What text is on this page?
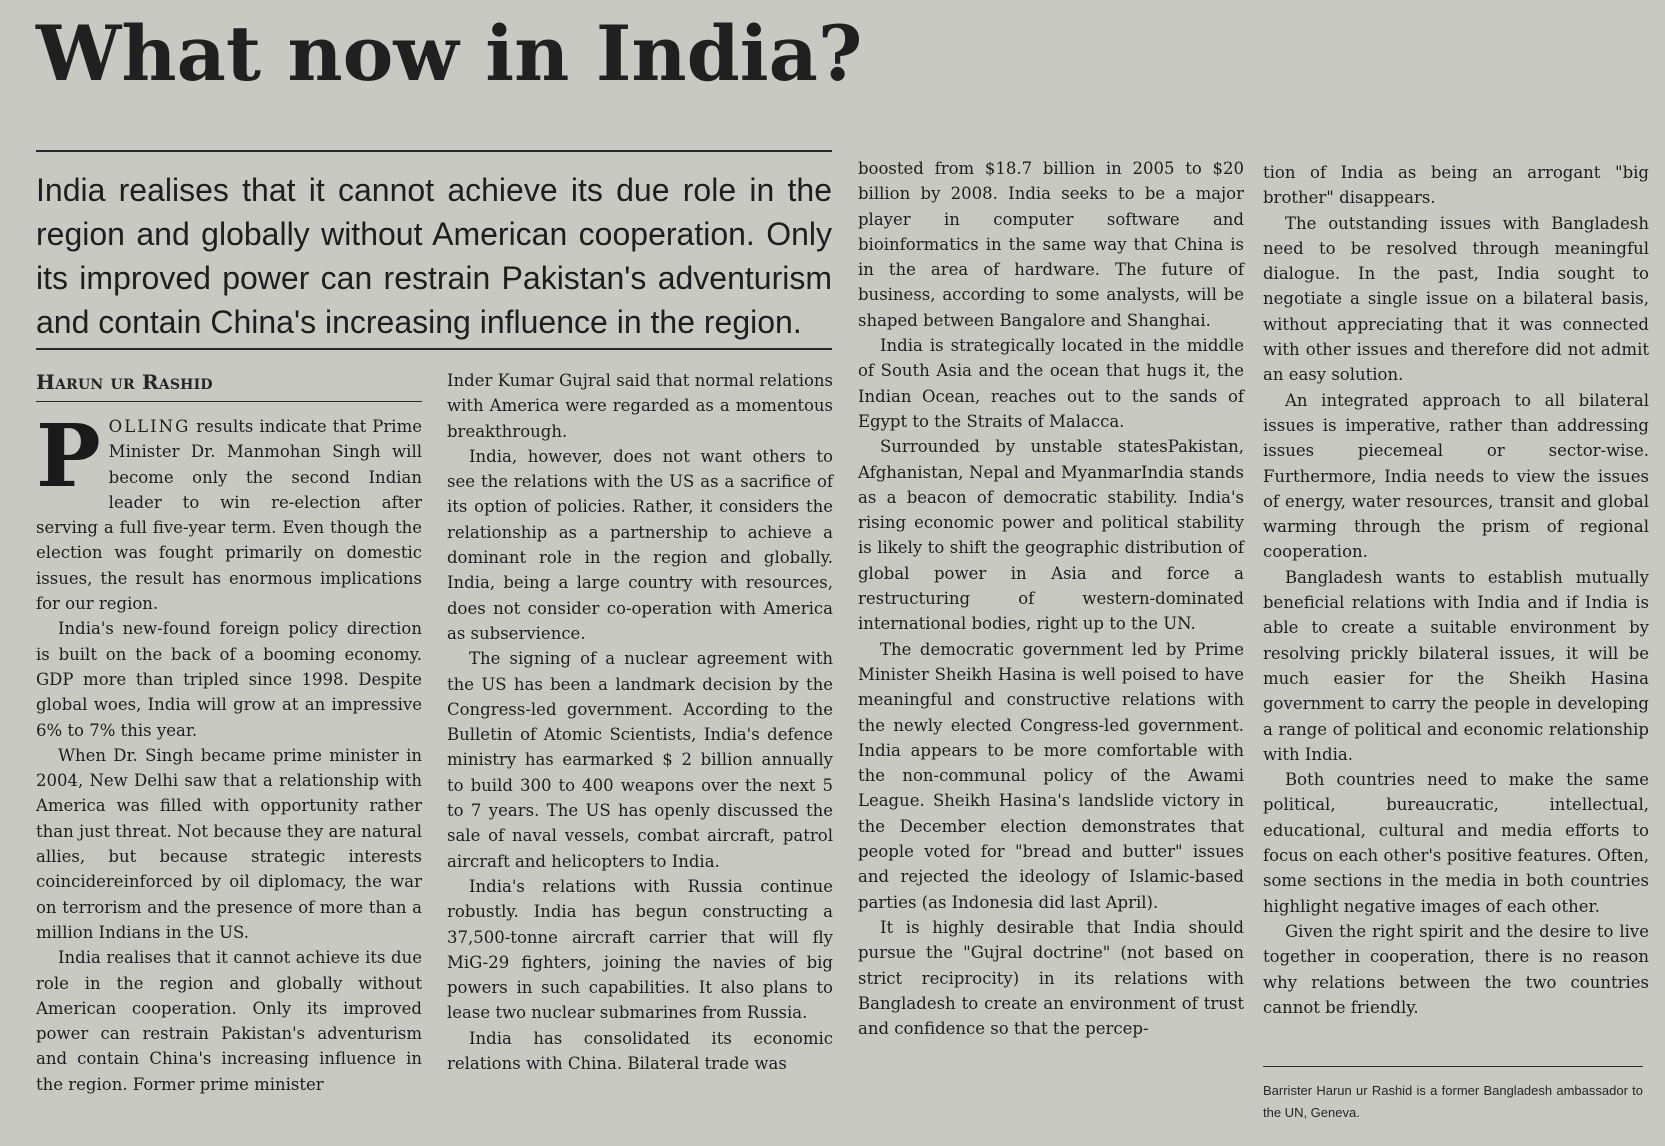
What now in India?

India realises that it cannot achieve its due role in the region and globally without American cooperation. Only its improved power can restrain Pakistan's adventurism and contain China's increasing influence in the region.

Harun ur Rashid

POLLING results indicate that Prime Minister Dr. Manmohan Singh will become only the second Indian leader to win re-election after serving a full five-year term. Even though the election was fought primarily on domestic issues, the result has enormous implications for our region.

India's new-found foreign policy direction is built on the back of a booming economy. GDP more than tripled since 1998. Despite global woes, India will grow at an impressive 6% to 7% this year.

When Dr. Singh became prime minister in 2004, New Delhi saw that a relationship with America was filled with opportunity rather than just threat. Not because they are natural allies, but because strategic interests coincidereinforced by oil diplomacy, the war on terrorism and the presence of more than a million Indians in the US.

India realises that it cannot achieve its due role in the region and globally without American cooperation. Only its improved power can restrain Pakistan's adventurism and contain China's increasing influence in the region. Former prime minister

Inder Kumar Gujral said that normal relations with America were regarded as a momentous breakthrough.

India, however, does not want others to see the relations with the US as a sacrifice of its option of policies. Rather, it considers the relationship as a partnership to achieve a dominant role in the region and globally. India, being a large country with resources, does not consider co-operation with America as subservience.

The signing of a nuclear agreement with the US has been a landmark decision by the Congress-led government. According to the Bulletin of Atomic Scientists, India's defence ministry has earmarked $ 2 billion annually to build 300 to 400 weapons over the next 5 to 7 years. The US has openly discussed the sale of naval vessels, combat aircraft, patrol aircraft and helicopters to India.

India's relations with Russia continue robustly. India has begun constructing a 37,500-tonne aircraft carrier that will fly MiG-29 fighters, joining the navies of big powers in such capabilities. It also plans to lease two nuclear submarines from Russia.

India has consolidated its economic relations with China. Bilateral trade was

boosted from $18.7 billion in 2005 to $20 billion by 2008. India seeks to be a major player in computer software and bioinformatics in the same way that China is in the area of hardware. The future of business, according to some analysts, will be shaped between Bangalore and Shanghai.

India is strategically located in the middle of South Asia and the ocean that hugs it, the Indian Ocean, reaches out to the sands of Egypt to the Straits of Malacca.

Surrounded by unstable statesPakistan, Afghanistan, Nepal and MyanmarIndia stands as a beacon of democratic stability. India's rising economic power and political stability is likely to shift the geographic distribution of global power in Asia and force a restructuring of western-dominated international bodies, right up to the UN.

The democratic government led by Prime Minister Sheikh Hasina is well poised to have meaningful and constructive relations with the newly elected Congress-led government. India appears to be more comfortable with the non-communal policy of the Awami League. Sheikh Hasina's landslide victory in the December election demonstrates that people voted for "bread and butter" issues and rejected the ideology of Islamic-based parties (as Indonesia did last April).

It is highly desirable that India should pursue the "Gujral doctrine" (not based on strict reciprocity) in its relations with Bangladesh to create an environment of trust and confidence so that the percep-

tion of India as being an arrogant "big brother" disappears.

The outstanding issues with Bangladesh need to be resolved through meaningful dialogue. In the past, India sought to negotiate a single issue on a bilateral basis, without appreciating that it was connected with other issues and therefore did not admit an easy solution.

An integrated approach to all bilateral issues is imperative, rather than addressing issues piecemeal or sector-wise. Furthermore, India needs to view the issues of energy, water resources, transit and global warming through the prism of regional cooperation.

Bangladesh wants to establish mutually beneficial relations with India and if India is able to create a suitable environment by resolving prickly bilateral issues, it will be much easier for the Sheikh Hasina government to carry the people in developing a range of political and economic relationship with India.

Both countries need to make the same political, bureaucratic, intellectual, educational, cultural and media efforts to focus on each other's positive features. Often, some sections in the media in both countries highlight negative images of each other.

Given the right spirit and the desire to live together in cooperation, there is no reason why relations between the two countries cannot be friendly.

Barrister Harun ur Rashid is a former Bangladesh ambassador to the UN, Geneva.
